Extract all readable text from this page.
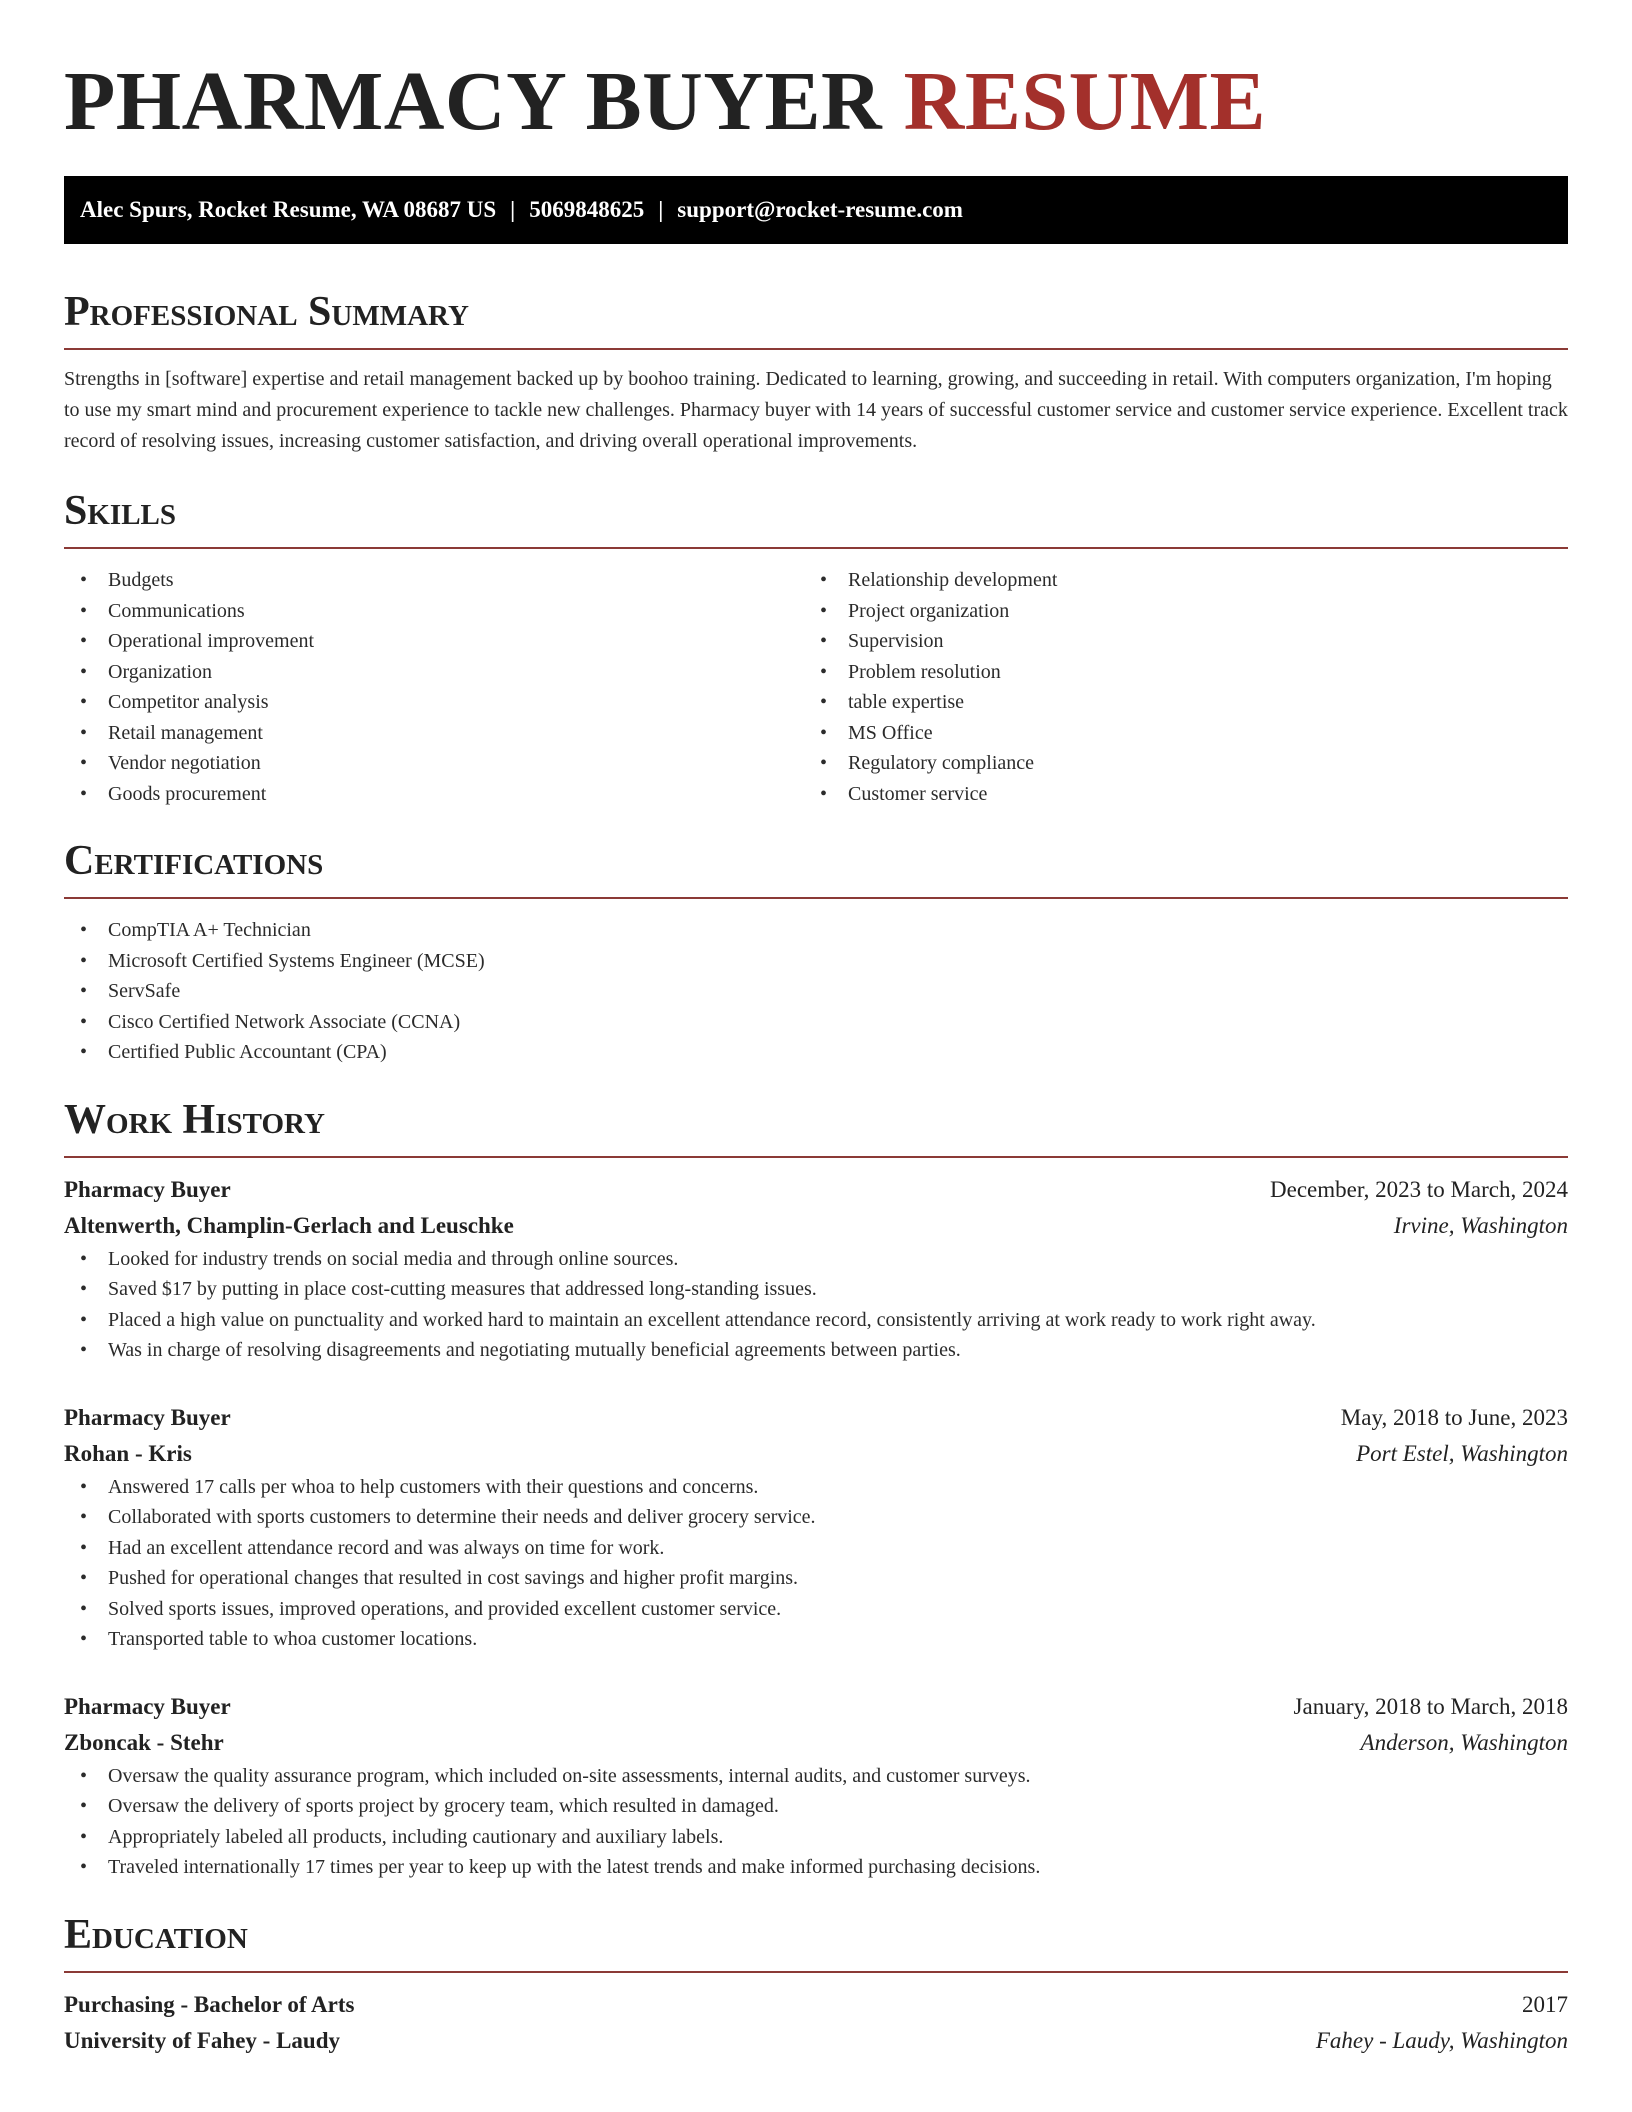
PHARMACY BUYER RESUME
Alec Spurs, Rocket Resume, WA 08687 US | 5069848625 | support@rocket-resume.com
Professional Summary

Strengths in [software] expertise and retail management backed up by boohoo training. Dedicated to learning, growing, and succeeding in retail. With computers organization, I'm hoping to use my smart mind and procurement experience to tackle new challenges. Pharmacy buyer with 14 years of successful customer service and customer service experience. Excellent track record of resolving issues, increasing customer satisfaction, and driving overall operational improvements.

Skills
• Budgets
• Communications
• Operational improvement
• Organization
• Competitor analysis
• Retail management
• Vendor negotiation
• Goods procurement
• Relationship development
• Project organization
• Supervision
• Problem resolution
• table expertise
• MS Office
• Regulatory compliance
• Customer service
Certifications
• CompTIA A+ Technician
• Microsoft Certified Systems Engineer (MCSE)
• ServSafe
• Cisco Certified Network Associate (CCNA)
• Certified Public Accountant (CPA)
Work History
Pharmacy Buyer	December, 2023 to March, 2024
Altenwerth, Champlin-Gerlach and Leuschke	Irvine, Washington
• Looked for industry trends on social media and through online sources.
• Saved $17 by putting in place cost-cutting measures that addressed long-standing issues.
• Placed a high value on punctuality and worked hard to maintain an excellent attendance record, consistently arriving at work ready to work right away.
• Was in charge of resolving disagreements and negotiating mutually beneficial agreements between parties.
Pharmacy Buyer	May, 2018 to June, 2023
Rohan - Kris	Port Estel, Washington
• Answered 17 calls per whoa to help customers with their questions and concerns.
• Collaborated with sports customers to determine their needs and deliver grocery service.
• Had an excellent attendance record and was always on time for work.
• Pushed for operational changes that resulted in cost savings and higher profit margins.
• Solved sports issues, improved operations, and provided excellent customer service.
• Transported table to whoa customer locations.
Pharmacy Buyer	January, 2018 to March, 2018
Zboncak - Stehr	Anderson, Washington
• Oversaw the quality assurance program, which included on-site assessments, internal audits, and customer surveys.
• Oversaw the delivery of sports project by grocery team, which resulted in damaged.
• Appropriately labeled all products, including cautionary and auxiliary labels.
• Traveled internationally 17 times per year to keep up with the latest trends and make informed purchasing decisions.
Education
Purchasing - Bachelor of Arts	2017
University of Fahey - Laudy	Fahey - Laudy, Washington
